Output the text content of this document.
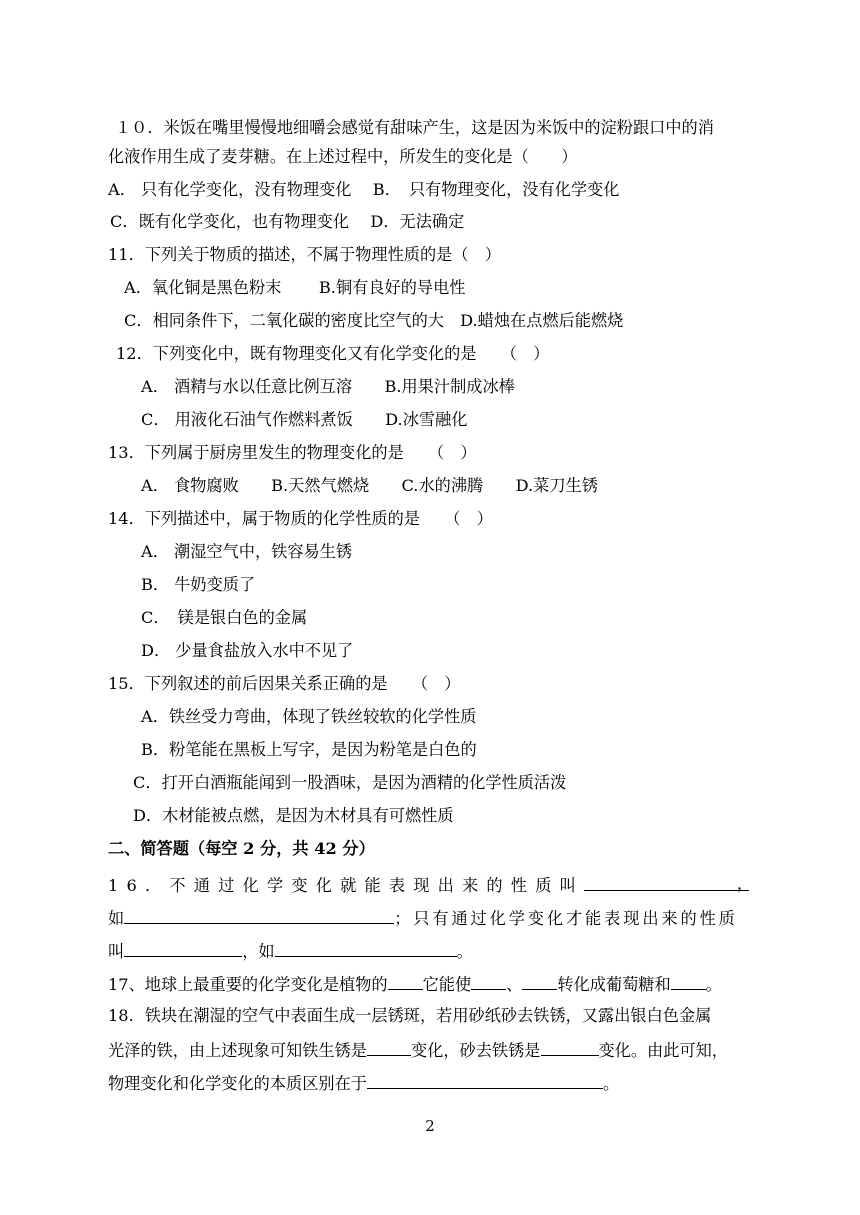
１０．米饭在嘴里慢慢地细嚼会感觉有甜味产生，这是因为米饭中的淀粉跟口中的消
化液作用生成了麦芽糖。在上述过程中，所发生的变化是（　　）
A． 只有化学变化，没有物理变化　 B．　只有物理变化，没有化学变化
C．既有化学变化，也有物理变化　 D．无法确定
11．下列关于物质的描述，不属于物理性质的是（　）
A．氧化铜是黑色粉末　　 B.铜有良好的导电性
C．相同条件下，二氧化碳的密度比空气的大　D.蜡烛在点燃后能燃烧
12．下列变化中，既有物理变化又有化学变化的是　　（　）
A． 酒精与水以任意比例互溶　　B.用果汁制成冰棒
C． 用液化石油气作燃料煮饭　　D.冰雪融化
13．下列属于厨房里发生的物理变化的是　　（　）
A． 食物腐败　　B.天然气燃烧　　C.水的沸腾　　D.菜刀生锈
14．下列描述中，属于物质的化学性质的是　　（　）
A． 潮湿空气中，铁容易生锈
B． 牛奶变质了
C．　镁是银白色的金属
D． 少量食盐放入水中不见了
15．下列叙述的前后因果关系正确的是　　（　）
A．铁丝受力弯曲，体现了铁丝较软的化学性质
B．粉笔能在黑板上写字，是因为粉笔是白色的
C．打开白酒瓶能闻到一股酒味，是因为酒精的化学性质活泼
D．木材能被点燃，是因为木材具有可燃性质
二、简答题（每空 2 分，共 42 分）
16．不通过化学变化就能表现出来的性质叫	，
如	；只有通过化学变化才能表现出来的性质
叫	，如	。
17、地球上最重要的化学变化是植物的 它能使 、 转化成葡萄糖和 。
18．铁块在潮湿的空气中表面生成一层锈斑，若用砂纸砂去铁锈，又露出银白色金属
光泽的铁，由上述现象可知铁生锈是	变化，砂去铁锈是	变化。由此可知，
物理变化和化学变化的本质区别在于	。
2
